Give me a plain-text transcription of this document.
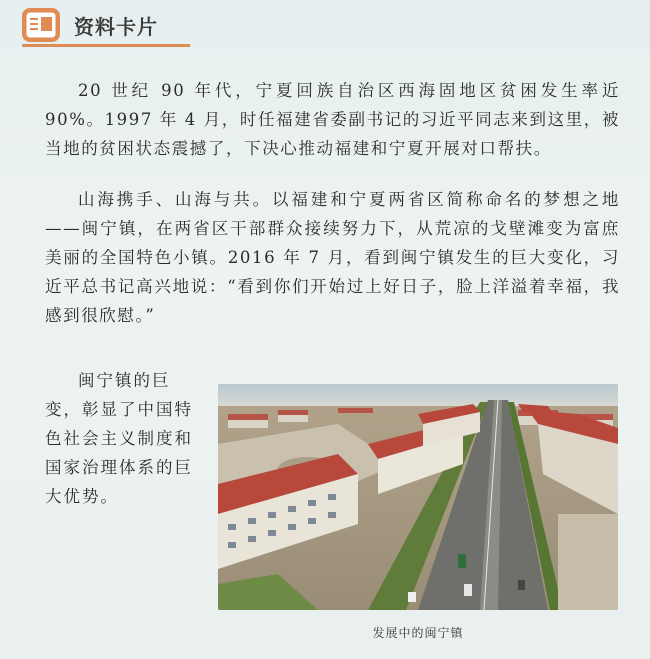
资料卡片

20 世纪 90 年代，宁夏回族自治区西海固地区贫困发生率近 90%。1997 年 4 月，时任福建省委副书记的习近平同志来到这里，被当地的贫困状态震撼了，下决心推动福建和宁夏开展对口帮扶。

山海携手、山海与共。以福建和宁夏两省区简称命名的梦想之地——闽宁镇，在两省区干部群众接续努力下，从荒凉的戈壁滩变为富庶美丽的全国特色小镇。2016 年 7 月，看到闽宁镇发生的巨大变化，习近平总书记高兴地说：“看到你们开始过上好日子，脸上洋溢着幸福，我感到很欣慰。”

闽宁镇的巨变，彰显了中国特色社会主义制度和国家治理体系的巨大优势。

发展中的闽宁镇
